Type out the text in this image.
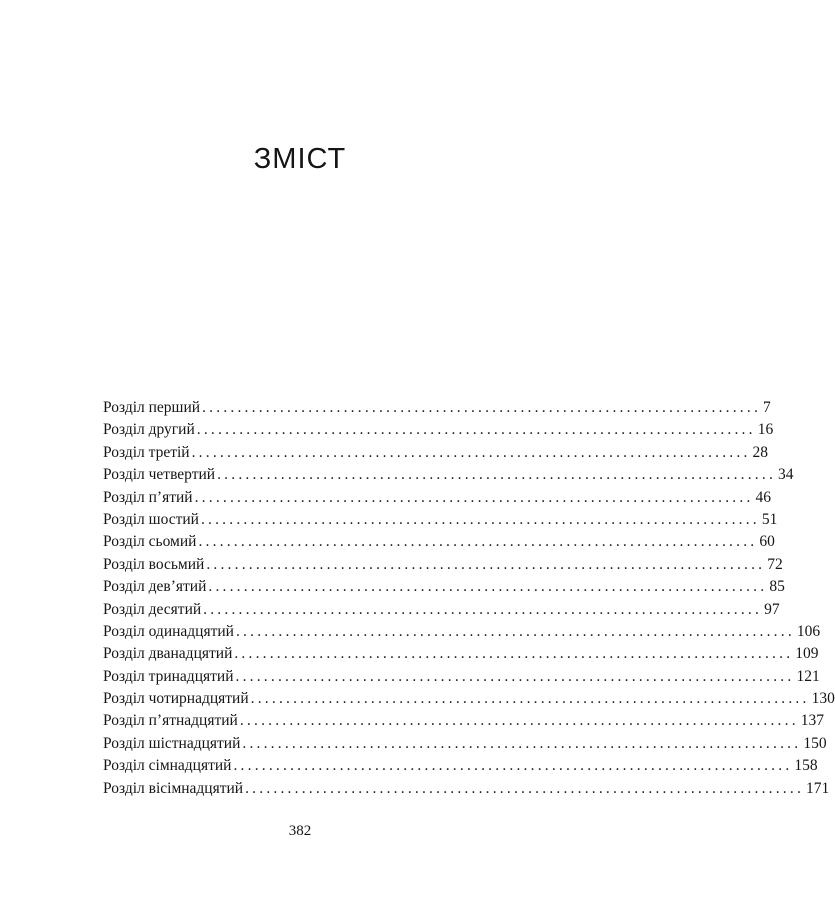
ЗМІСТ
Розділ перший ............................................................................... 7
Розділ другий ............................................................................... 16
Розділ третій ............................................................................... 28
Розділ четвертий ............................................................................... 34
Розділ п’ятий ............................................................................... 46
Розділ шостий ............................................................................... 51
Розділ сьомий ............................................................................... 60
Розділ восьмий ............................................................................... 72
Розділ дев’ятий ............................................................................... 85
Розділ десятий ............................................................................... 97
Розділ одинадцятий ............................................................................... 106
Розділ дванадцятий ............................................................................... 109
Розділ тринадцятий ............................................................................... 121
Розділ чотирнадцятий ............................................................................... 130
Розділ п’ятнадцятий ............................................................................... 137
Розділ шістнадцятий ............................................................................... 150
Розділ сімнадцятий ............................................................................... 158
Розділ вісімнадцятий ............................................................................... 171
382
